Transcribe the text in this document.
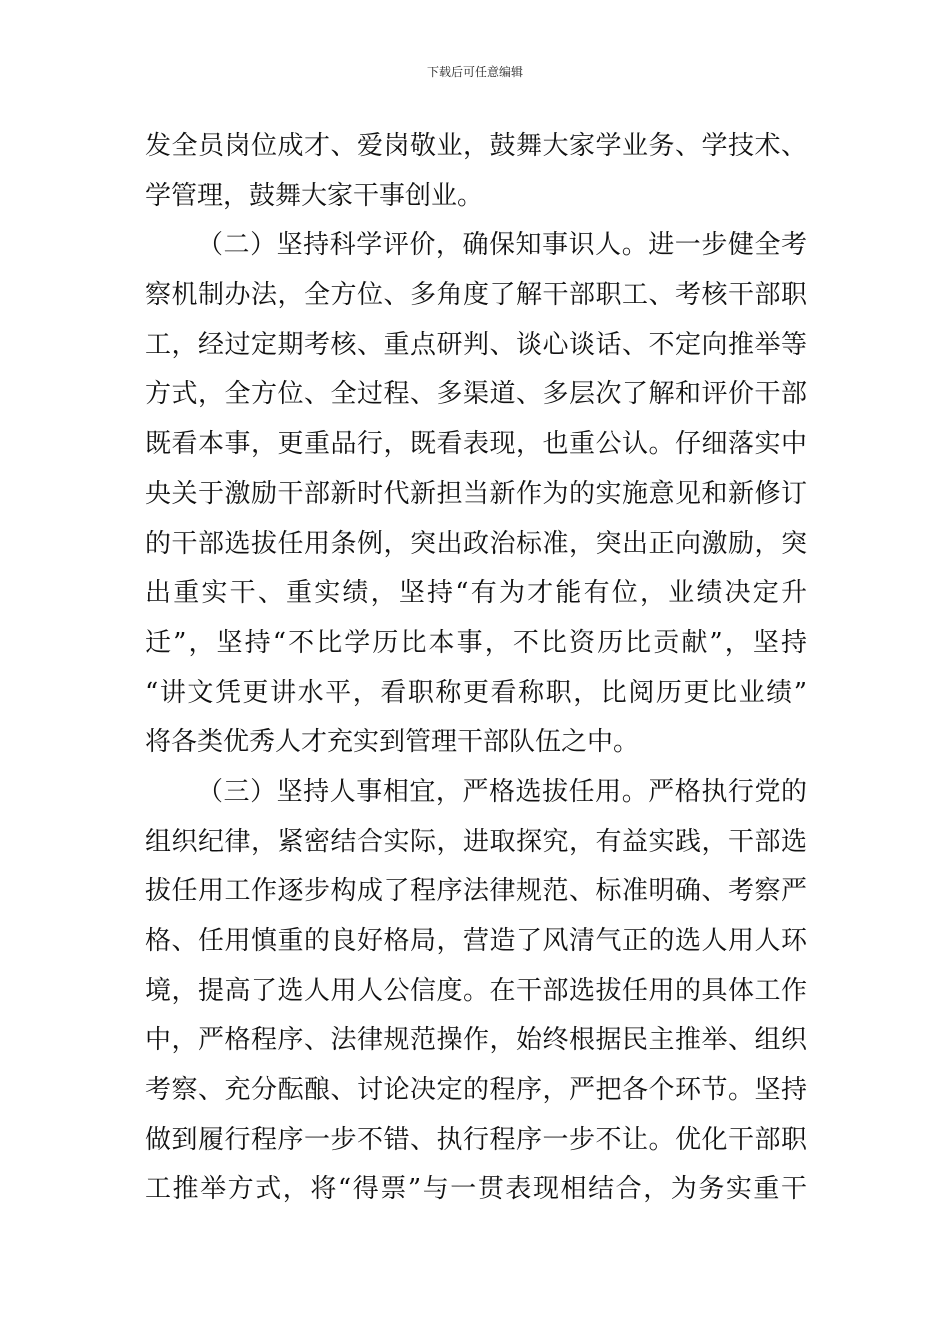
下载后可任意编辑
发全员岗位成才、爱岗敬业，鼓舞大家学业务、学技术、
学管理，鼓舞大家干事创业。
（二）坚持科学评价，确保知事识人。进一步健全考
察机制办法，全方位、多角度了解干部职工、考核干部职
工，经过定期考核、重点研判、谈心谈话、不定向推举等
方式，全方位、全过程、多渠道、多层次了解和评价干部
既看本事，更重品行，既看表现，也重公认。仔细落实中
央关于激励干部新时代新担当新作为的实施意见和新修订
的干部选拔任用条例，突出政治标准，突出正向激励，突
出重实干、重实绩，坚持“有为才能有位，业绩决定升
迁”，坚持“不比学历比本事，不比资历比贡献”，坚持
“讲文凭更讲水平，看职称更看称职，比阅历更比业绩”
将各类优秀人才充实到管理干部队伍之中。
（三）坚持人事相宜，严格选拔任用。严格执行党的
组织纪律，紧密结合实际，进取探究，有益实践，干部选
拔任用工作逐步构成了程序法律规范、标准明确、考察严
格、任用慎重的良好格局，营造了风清气正的选人用人环
境，提高了选人用人公信度。在干部选拔任用的具体工作
中，严格程序、法律规范操作，始终根据民主推举、组织
考察、充分酝酿、讨论决定的程序，严把各个环节。坚持
做到履行程序一步不错、执行程序一步不让。优化干部职
工推举方式，将“得票”与一贯表现相结合，为务实重干
